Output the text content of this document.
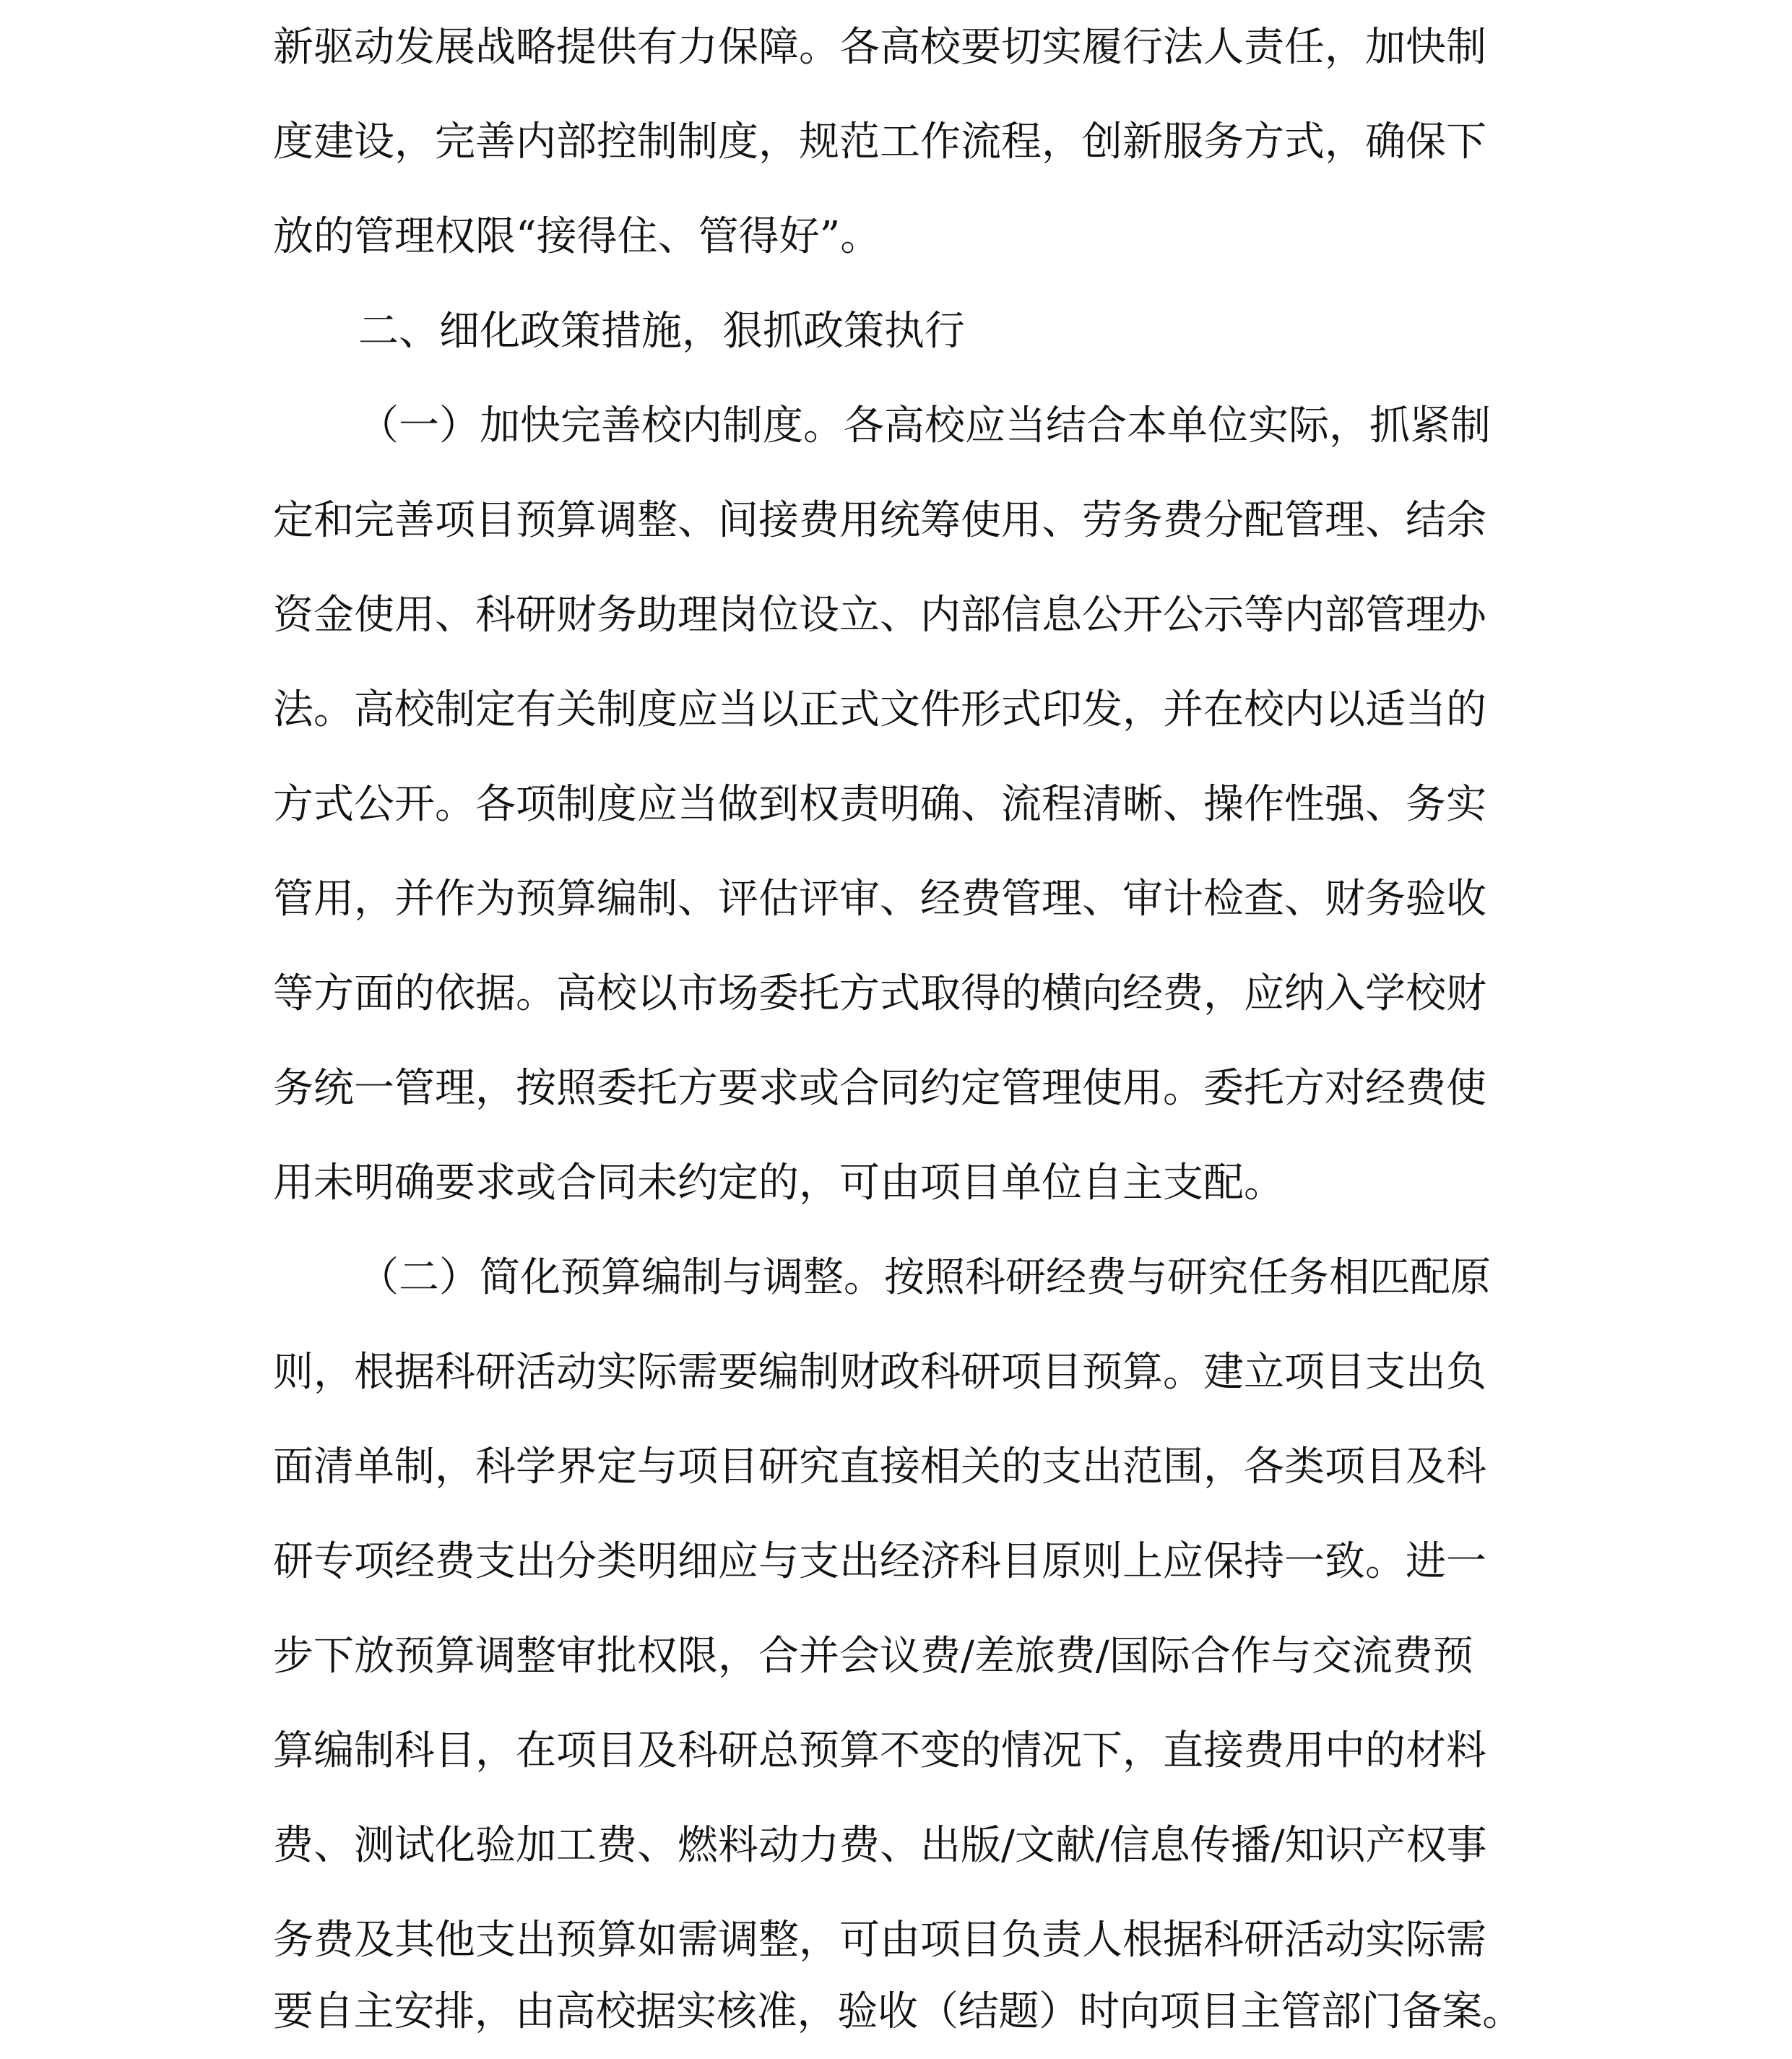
新驱动发展战略提供有力保障。各高校要切实履行法人责任，加快制
度建设，完善内部控制制度，规范工作流程，创新服务方式，确保下
放的管理权限“接得住、管得好”。
二、细化政策措施，狠抓政策执行
（一）加快完善校内制度。各高校应当结合本单位实际，抓紧制
定和完善项目预算调整、间接费用统筹使用、劳务费分配管理、结余
资金使用、科研财务助理岗位设立、内部信息公开公示等内部管理办
法。高校制定有关制度应当以正式文件形式印发，并在校内以适当的
方式公开。各项制度应当做到权责明确、流程清晰、操作性强、务实
管用，并作为预算编制、评估评审、经费管理、审计检查、财务验收
等方面的依据。高校以市场委托方式取得的横向经费，应纳入学校财
务统一管理，按照委托方要求或合同约定管理使用。委托方对经费使
用未明确要求或合同未约定的，可由项目单位自主支配。
（二）简化预算编制与调整。按照科研经费与研究任务相匹配原
则，根据科研活动实际需要编制财政科研项目预算。建立项目支出负
面清单制，科学界定与项目研究直接相关的支出范围，各类项目及科
研专项经费支出分类明细应与支出经济科目原则上应保持一致。进一
步下放预算调整审批权限，合并会议费/差旅费/国际合作与交流费预
算编制科目，在项目及科研总预算不变的情况下，直接费用中的材料
费、测试化验加工费、燃料动力费、出版/文献/信息传播/知识产权事
务费及其他支出预算如需调整，可由项目负责人根据科研活动实际需
要自主安排，由高校据实核准，验收（结题）时向项目主管部门备案。
